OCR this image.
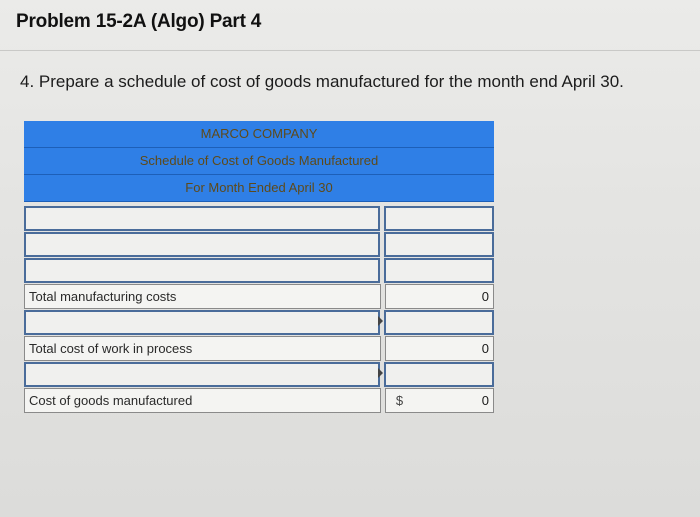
Problem 15-2A (Algo) Part 4
4. Prepare a schedule of cost of goods manufactured for the month end April 30.
MARCO COMPANY
Schedule of Cost of Goods Manufactured
For Month Ended April 30
Total manufacturing costs	0
Total cost of work in process	0
Cost of goods manufactured	$	0
